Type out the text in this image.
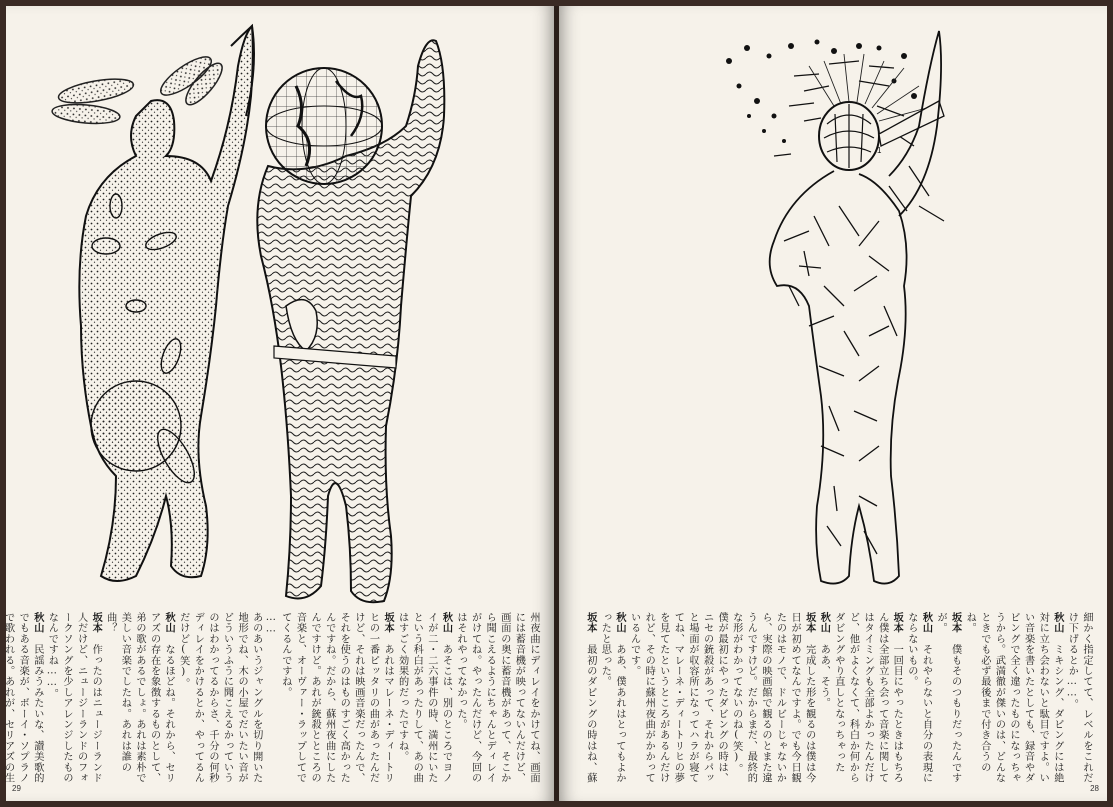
州夜曲にディレイをかけてね、画面には蓄音機が映ってないんだけど、画面の奥に蓄音機があって、そこから聞こえるようにちゃんとディレイがけてね。やったんだけど、今回のはそれやってなかった。
秋山　あそこは、別のところでヨノイが二・二六事件の時、満州にいたという科白があったりして、あの曲はすごく効果的だったですね。
坂本　あれはマレーネ・ディートリヒの一番ピッタリの曲があったんだけど、それは映画音楽だったんで、それを使うのはものすごく高かったんですね。だから、蘇州夜曲にしたんですけど。あれが銃殺とところの音楽と、オーヴァー・ラップしてでてくるんですね。
……
あのあいうジャングルを切り開いた地形でね、木の小屋でだいたい音がどういうふうに聞こえるかっていうのはわかってるからさ、千分の何秒ディレイをかけるとか、やってるんだけど(笑)。
秋山　なるほどね。それから、セリアズの存在を象徴するものとして、弟の歌があるでしょ。あれは素朴で美しい音楽でしたね。あれは誰の曲？
坂本　作ったのはニュージーランド人だけど、ニュージーランドのフォークソングを少しアレンジしたものなんですね……。
秋山　民謡みうみたいな、讃美歌的でもある音楽が、ボーイ・ソプラノで歌われる。あれが、セリアズの生
29
1
細かく指定してて、レベルをこれだけ下げるとか……。
秋山　ミキシング、ダビングには絶対に立ち会わないと駄目ですよ。いい音楽を書いたとしても、録音やダビングで全く違ったものになっちゃうから。武満徹が傑いのは、どんなときでも必ず最後まで付き合うのね。
坂本　僕もそのつもりだったんですが。
秋山　それやらないと自分の表現にならないもの。
坂本　一回目にやったときはもちろん僕は全部立ち会って音楽に関してはタイミングも全部よかったんだけど、他がよくなくて、科白か何からダビングやり直しとなっちゃった
秋山　ああ、そう。
坂本　完成した形を観るのは僕は今日が初めてなんですよ。でも今日観たのはモノで、ドルビーじゃないから、実際の映画館で観るのとまた違うんですけど。だからまだ、最終的な形がわかってないのね(笑)。
僕が最初にやったダビングの時は、ニセの銃殺があって、それからパッと場面が収容所になってハラが寝ててね、マレーネ・ディートリヒの夢を見てたというところがあるんだけれど、その時に蘇州夜曲がかかっているんです。
秋山　ああ、僕あれはとってもよかったと思った。
坂本　最初のダビングの時はね、蘇
28
